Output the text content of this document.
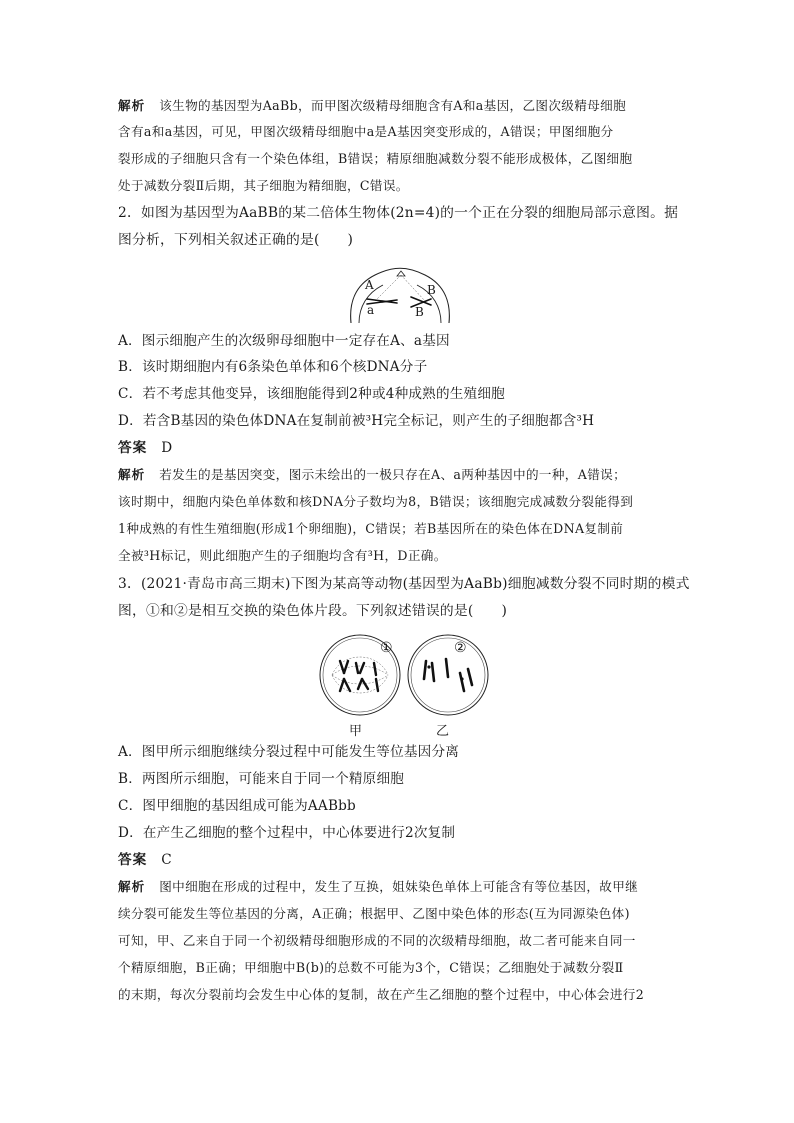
解析 该生物的基因型为AaBb，而甲图次级精母细胞含有A和a基因，乙图次级精母细胞
含有a和a基因，可见，甲图次级精母细胞中a是A基因突变形成的，A错误；甲图细胞分
裂形成的子细胞只含有一个染色体组，B错误；精原细胞减数分裂不能形成极体，乙图细胞
处于减数分裂Ⅱ后期，其子细胞为精细胞，C错误。
2．如图为基因型为AaBB的某二倍体生物体(2n=4)的一个正在分裂的细胞局部示意图。据
图分析，下列相关叙述正确的是(　　)
A
a
B
B
A．图示细胞产生的次级卵母细胞中一定存在A、a基因
B．该时期细胞内有6条染色单体和6个核DNA分子
C．若不考虑其他变异，该细胞能得到2种或4种成熟的生殖细胞
D．若含B基因的染色体DNA在复制前被³H完全标记，则产生的子细胞都含³H
答案 D
解析 若发生的是基因突变，图示未绘出的一极只存在A、a两种基因中的一种，A错误；
该时期中，细胞内染色单体数和核DNA分子数均为8，B错误；该细胞完成减数分裂能得到
1种成熟的有性生殖细胞(形成1个卵细胞)，C错误；若B基因所在的染色体在DNA复制前
全被³H标记，则此细胞产生的子细胞均含有³H，D正确。
3．(2021·青岛市高三期末)下图为某高等动物(基因型为AaBb)细胞减数分裂不同时期的模式
图，①和②是相互交换的染色体片段。下列叙述错误的是(　　)
①
甲
②
乙
A．图甲所示细胞继续分裂过程中可能发生等位基因分离
B．两图所示细胞，可能来自于同一个精原细胞
C．图甲细胞的基因组成可能为AABbb
D．在产生乙细胞的整个过程中，中心体要进行2次复制
答案 C
解析 图中细胞在形成的过程中，发生了互换，姐妹染色单体上可能含有等位基因，故甲继
续分裂可能发生等位基因的分离，A正确；根据甲、乙图中染色体的形态(互为同源染色体)
可知，甲、乙来自于同一个初级精母细胞形成的不同的次级精母细胞，故二者可能来自同一
个精原细胞，B正确；甲细胞中B(b)的总数不可能为3个，C错误；乙细胞处于减数分裂Ⅱ
的末期，每次分裂前均会发生中心体的复制，故在产生乙细胞的整个过程中，中心体会进行2
